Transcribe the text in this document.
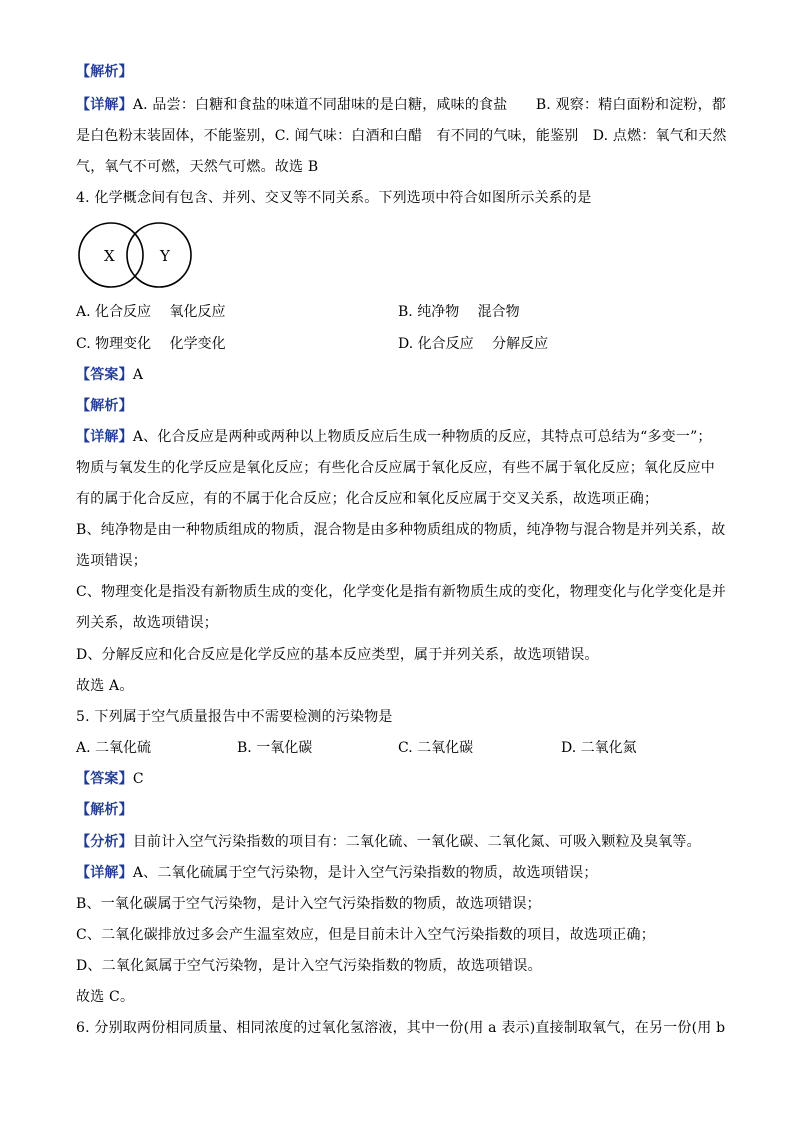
【解析】
【详解】A. 品尝：白糖和食盐的味道不同甜味的是白糖，咸味的食盐　　B. 观察：精白面粉和淀粉，都
是白色粉末装固体，不能鉴别，C. 闻气味：白酒和白醋　有不同的气味，能鉴别　D. 点燃：氧气和天然
气，氧气不可燃，天然气可燃。故选 B
4. 化学概念间有包含、并列、交叉等不同关系。下列选项中符合如图所示关系的是
X	Y
A. 化合反应　 氧化反应	B. 纯净物　 混合物
C. 物理变化　 化学变化	D. 化合反应　 分解反应
【答案】A
【解析】
【详解】A、化合反应是两种或两种以上物质反应后生成一种物质的反应，其特点可总结为“多变一”；
物质与氧发生的化学反应是氧化反应；有些化合反应属于氧化反应，有些不属于氧化反应；氧化反应中
有的属于化合反应，有的不属于化合反应；化合反应和氧化反应属于交叉关系，故选项正确；
B、纯净物是由一种物质组成的物质，混合物是由多种物质组成的物质，纯净物与混合物是并列关系，故
选项错误；
C、物理变化是指没有新物质生成的变化，化学变化是指有新物质生成的变化，物理变化与化学变化是并
列关系，故选项错误；
D、分解反应和化合反应是化学反应的基本反应类型，属于并列关系，故选项错误。
故选 A。
5. 下列属于空气质量报告中不需要检测的污染物是
A. 二氧化硫	B. 一氧化碳	C. 二氧化碳	D. 二氧化氮
【答案】C
【解析】
【分析】目前计入空气污染指数的项目有：二氧化硫、一氧化碳、二氧化氮、可吸入颗粒及臭氧等。
【详解】A、二氧化硫属于空气污染物，是计入空气污染指数的物质，故选项错误；
B、一氧化碳属于空气污染物，是计入空气污染指数的物质，故选项错误；
C、二氧化碳排放过多会产生温室效应，但是目前未计入空气污染指数的项目，故选项正确；
D、二氧化氮属于空气污染物，是计入空气污染指数的物质，故选项错误。
故选 C。
6. 分别取两份相同质量、相同浓度的过氧化氢溶液，其中一份(用 a 表示)直接制取氧气，在另一份(用 b
